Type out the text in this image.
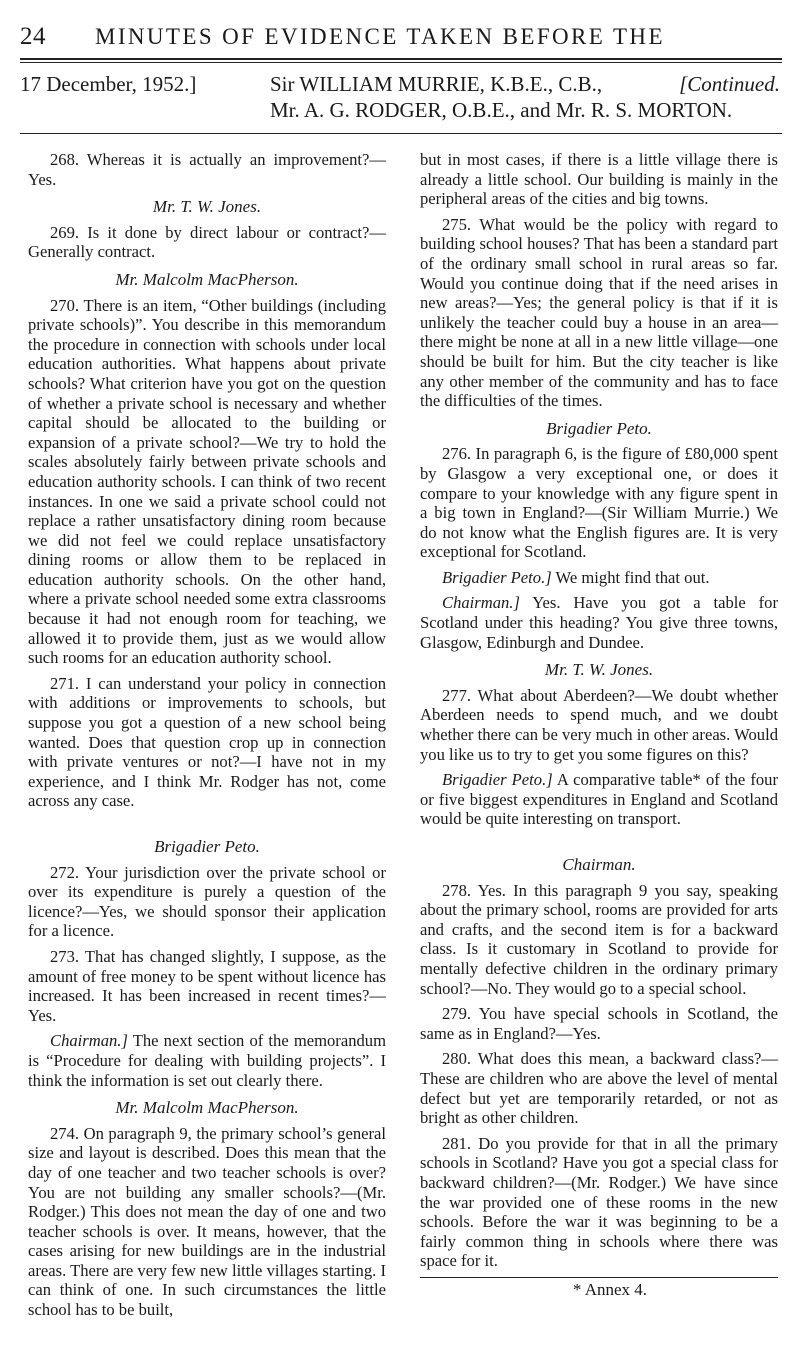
24	MINUTES OF EVIDENCE TAKEN BEFORE THE
17 December, 1952.]	Sir WILLIAM MURRIE, K.B.E., C.B.,	[Continued.
Mr. A. G. RODGER, O.B.E., and Mr. R. S. MORTON.

268. Whereas it is actually an improvement?—Yes.

Mr. T. W. Jones.

269. Is it done by direct labour or contract?—Generally contract.

Mr. Malcolm MacPherson.

270. There is an item, “Other buildings (including private schools)”. You describe in this memorandum the procedure in connection with schools under local education authorities. What happens about private schools? What criterion have you got on the question of whether a private school is necessary and whether capital should be allocated to the building or expansion of a private school?—We try to hold the scales absolutely fairly between private schools and education authority schools. I can think of two recent instances. In one we said a private school could not replace a rather unsatisfactory dining room because we did not feel we could replace unsatisfactory dining rooms or allow them to be replaced in education authority schools. On the other hand, where a private school needed some extra classrooms because it had not enough room for teaching, we allowed it to provide them, just as we would allow such rooms for an education authority school.

271. I can understand your policy in connection with additions or improvements to schools, but suppose you got a question of a new school being wanted. Does that question crop up in connection with private ventures or not?—I have not in my experience, and I think Mr. Rodger has not, come across any case.

Brigadier Peto.

272. Your jurisdiction over the private school or over its expenditure is purely a question of the licence?—Yes, we should sponsor their application for a licence.

273. That has changed slightly, I suppose, as the amount of free money to be spent without licence has increased. It has been increased in recent times?—Yes.

Chairman.] The next section of the memorandum is “Procedure for dealing with building projects”. I think the information is set out clearly there.

Mr. Malcolm MacPherson.

274. On paragraph 9, the primary school’s general size and layout is described. Does this mean that the day of one teacher and two teacher schools is over? You are not building any smaller schools?—(Mr. Rodger.) This does not mean the day of one and two teacher schools is over. It means, however, that the cases arising for new buildings are in the industrial areas. There are very few new little villages starting. I can think of one. In such circumstances the little school has to be built,

but in most cases, if there is a little village there is already a little school. Our building is mainly in the peripheral areas of the cities and big towns.

275. What would be the policy with regard to building school houses? That has been a standard part of the ordinary small school in rural areas so far. Would you continue doing that if the need arises in new areas?—Yes; the general policy is that if it is unlikely the teacher could buy a house in an area—there might be none at all in a new little village—one should be built for him. But the city teacher is like any other member of the community and has to face the difficulties of the times.

Brigadier Peto.

276. In paragraph 6, is the figure of £80,000 spent by Glasgow a very exceptional one, or does it compare to your knowledge with any figure spent in a big town in England?—(Sir William Murrie.) We do not know what the English figures are. It is very exceptional for Scotland.

Brigadier Peto.] We might find that out.

Chairman.] Yes. Have you got a table for Scotland under this heading? You give three towns, Glasgow, Edinburgh and Dundee.

Mr. T. W. Jones.

277. What about Aberdeen?—We doubt whether Aberdeen needs to spend much, and we doubt whether there can be very much in other areas. Would you like us to try to get you some figures on this?

Brigadier Peto.] A comparative table* of the four or five biggest expenditures in England and Scotland would be quite interesting on transport.

Chairman.

278. Yes. In this paragraph 9 you say, speaking about the primary school, rooms are provided for arts and crafts, and the second item is for a backward class. Is it customary in Scotland to provide for mentally defective children in the ordinary primary school?—No. They would go to a special school.

279. You have special schools in Scotland, the same as in England?—Yes.

280. What does this mean, a backward class?—These are children who are above the level of mental defect but yet are temporarily retarded, or not as bright as other children.

281. Do you provide for that in all the primary schools in Scotland? Have you got a special class for backward children?—(Mr. Rodger.) We have since the war provided one of these rooms in the new schools. Before the war it was beginning to be a fairly common thing in schools where there was space for it.

* Annex 4.
